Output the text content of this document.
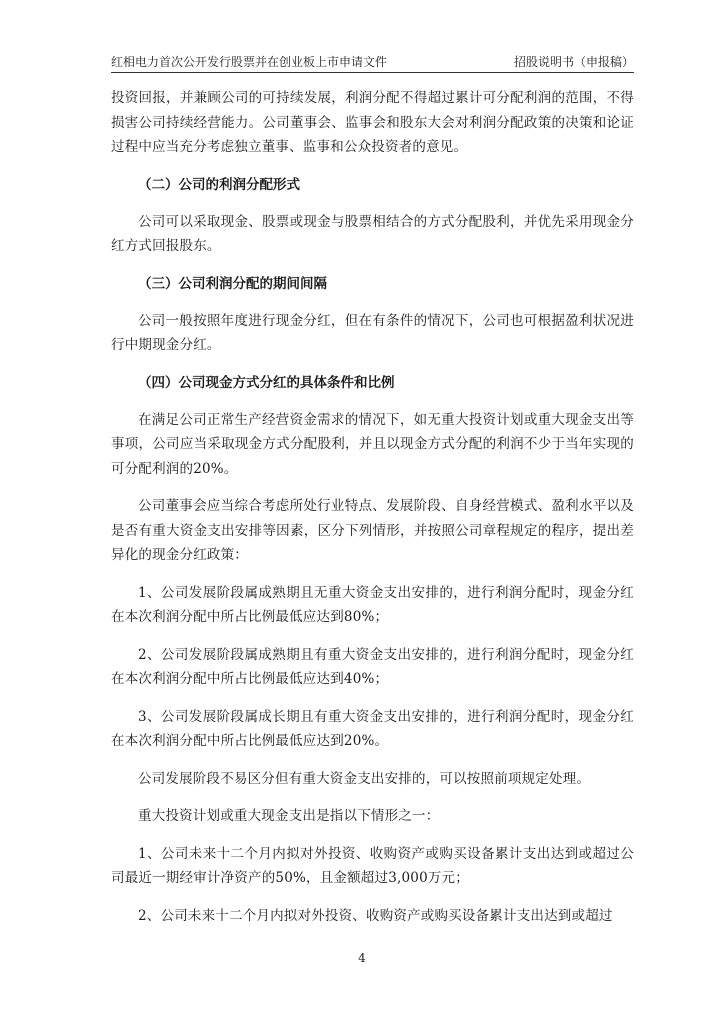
红相电力首次公开发行股票并在创业板上市申请文件	招股说明书（申报稿）

投资回报，并兼顾公司的可持续发展，利润分配不得超过累计可分配利润的范围，不得损害公司持续经营能力。公司董事会、监事会和股东大会对利润分配政策的决策和论证过程中应当充分考虑独立董事、监事和公众投资者的意见。

（二）公司的利润分配形式

公司可以采取现金、股票或现金与股票相结合的方式分配股利，并优先采用现金分红方式回报股东。

（三）公司利润分配的期间间隔

公司一般按照年度进行现金分红，但在有条件的情况下，公司也可根据盈利状况进行中期现金分红。

（四）公司现金方式分红的具体条件和比例

在满足公司正常生产经营资金需求的情况下，如无重大投资计划或重大现金支出等事项，公司应当采取现金方式分配股利，并且以现金方式分配的利润不少于当年实现的可分配利润的20%。

公司董事会应当综合考虑所处行业特点、发展阶段、自身经营模式、盈利水平以及是否有重大资金支出安排等因素，区分下列情形，并按照公司章程规定的程序，提出差异化的现金分红政策：

1、公司发展阶段属成熟期且无重大资金支出安排的，进行利润分配时，现金分红在本次利润分配中所占比例最低应达到80%；

2、公司发展阶段属成熟期且有重大资金支出安排的，进行利润分配时，现金分红在本次利润分配中所占比例最低应达到40%；

3、公司发展阶段属成长期且有重大资金支出安排的，进行利润分配时，现金分红在本次利润分配中所占比例最低应达到20%。

公司发展阶段不易区分但有重大资金支出安排的，可以按照前项规定处理。

重大投资计划或重大现金支出是指以下情形之一：

1、公司未来十二个月内拟对外投资、收购资产或购买设备累计支出达到或超过公司最近一期经审计净资产的50%，且金额超过3,000万元；

2、公司未来十二个月内拟对外投资、收购资产或购买设备累计支出达到或超过

4
